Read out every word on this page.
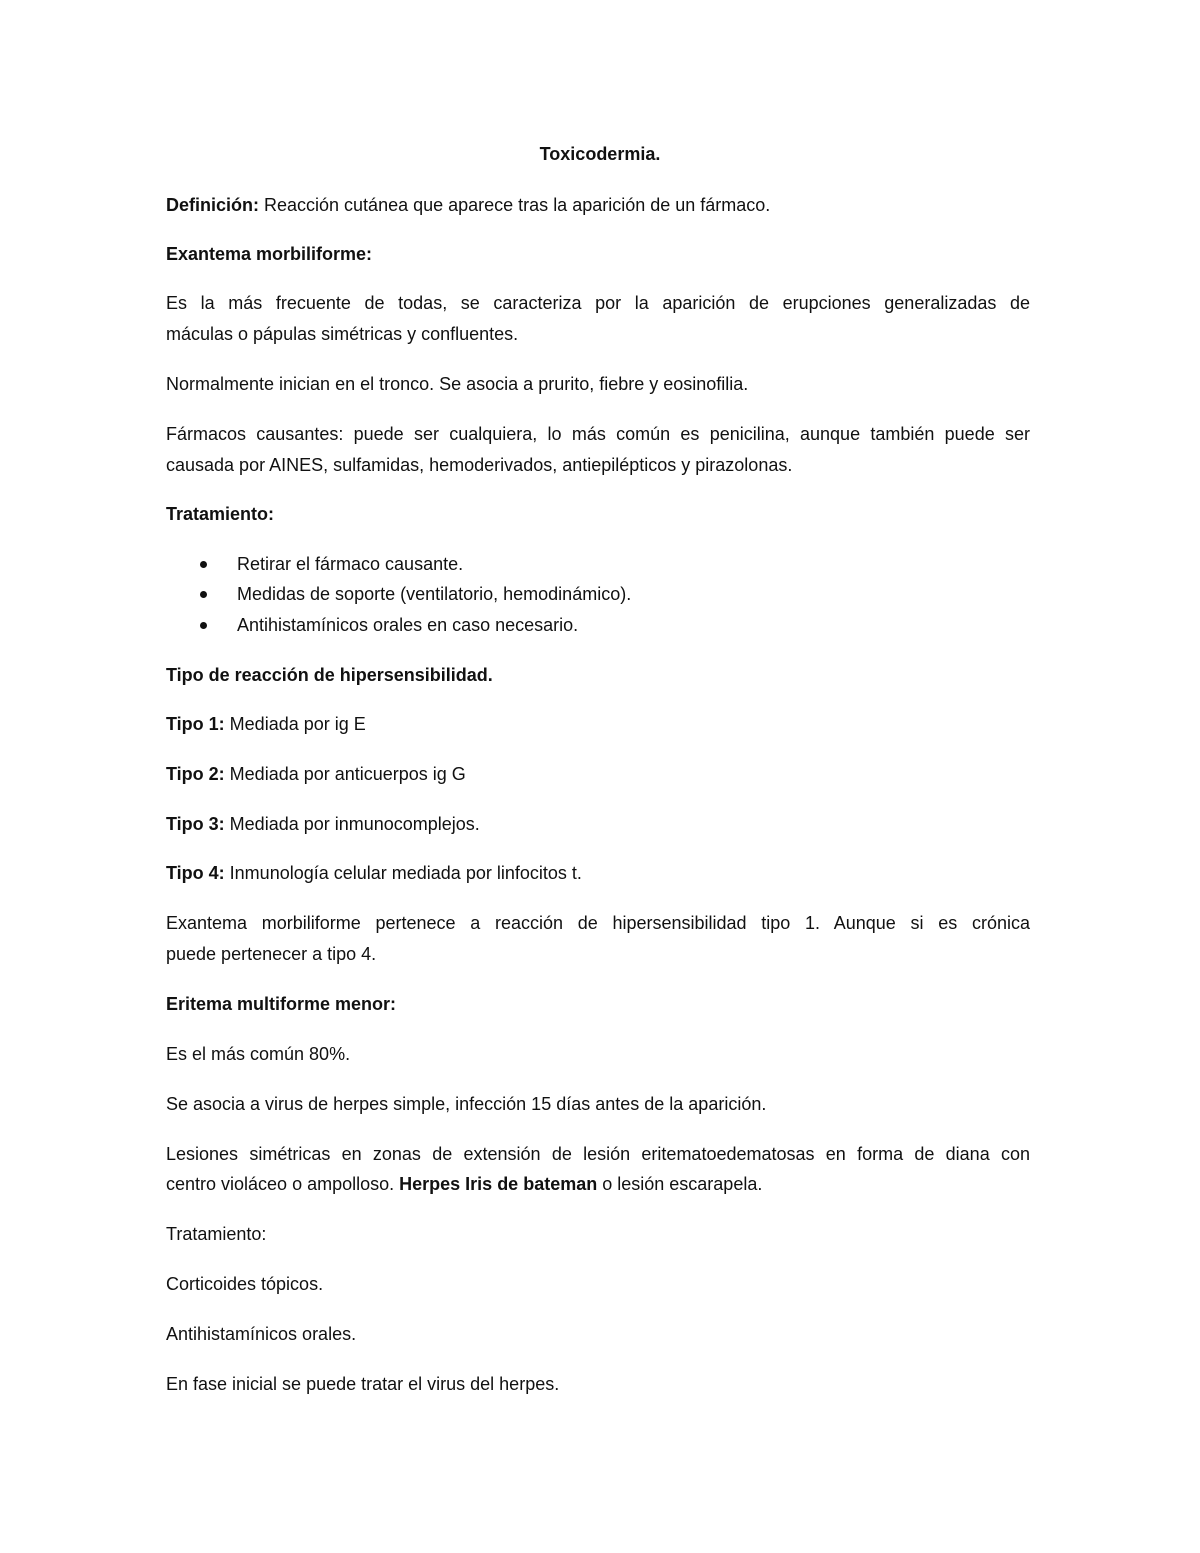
Toxicodermia.
Definición: Reacción cutánea que aparece tras la aparición de un fármaco.
Exantema morbiliforme:
Es la más frecuente de todas, se caracteriza por la aparición de erupciones generalizadas de
máculas o pápulas simétricas y confluentes.
Normalmente inician en el tronco. Se asocia a prurito, fiebre y eosinofilia.
Fármacos causantes: puede ser cualquiera, lo más común es penicilina, aunque también puede ser
causada por AINES, sulfamidas, hemoderivados, antiepilépticos y pirazolonas.
Tratamiento:
Retirar el fármaco causante.
Medidas de soporte (ventilatorio, hemodinámico).
Antihistamínicos orales en caso necesario.
Tipo de reacción de hipersensibilidad.
Tipo 1: Mediada por ig E
Tipo 2: Mediada por anticuerpos ig G
Tipo 3: Mediada por inmunocomplejos.
Tipo 4: Inmunología celular mediada por linfocitos t.
Exantema morbiliforme pertenece a reacción de hipersensibilidad tipo 1. Aunque si es crónica
puede pertenecer a tipo 4.
Eritema multiforme menor:
Es el más común 80%.
Se asocia a virus de herpes simple, infección 15 días antes de la aparición.
Lesiones simétricas en zonas de extensión de lesión eritematoedematosas en forma de diana con
centro violáceo o ampolloso. Herpes Iris de bateman o lesión escarapela.
Tratamiento:
Corticoides tópicos.
Antihistamínicos orales.
En fase inicial se puede tratar el virus del herpes.
